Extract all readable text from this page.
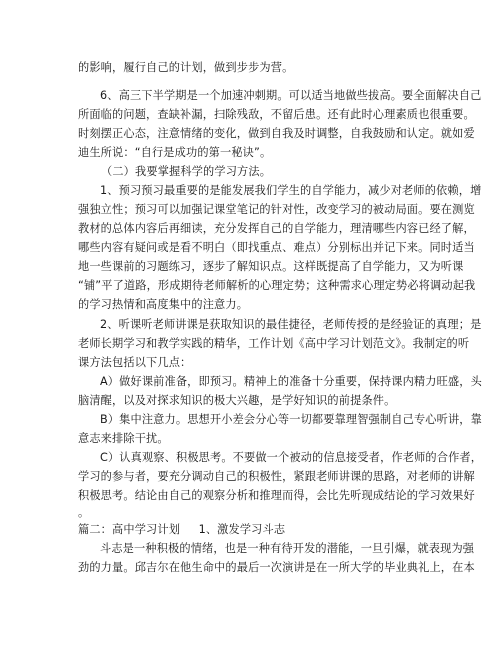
的影响，履行自己的计划，做到步步为营。
6、高三下半学期是一个加速冲刺期。可以适当地做些拔高。要全面解决自己
所面临的问题，查缺补漏，扫除残敌，不留后患。还有此时心理素质也很重要。
时刻摆正心态，注意情绪的变化，做到自我及时调整，自我鼓励和认定。就如爱
迪生所说：“自行是成功的第一秘诀”。
（二）我要掌握科学的学习方法。
1、预习预习最重要的是能发展我们学生的自学能力，减少对老师的依赖，增
强独立性；预习可以加强记课堂笔记的针对性，改变学习的被动局面。要在测览
教材的总体内容后再细读，充分发挥自己的自学能力，理清哪些内容已经了解，
哪些内容有疑问或是看不明白（即找重点、难点）分别标出并记下来。同时适当
地一些课前的习题练习，逐步了解知识点。这样既提高了自学能力，又为听课
“铺”平了道路，形成期待老师解析的心理定势；这种需求心理定势必将调动起我
的学习热情和高度集中的注意力。
2、听课听老师讲课是获取知识的最佳捷径，老师传授的是经验证的真理；是
老师长期学习和教学实践的精华，工作计划《高中学习计划范文》。我制定的听
课方法包括以下几点：
A）做好课前准备，即预习。精神上的准备十分重要，保持课内精力旺盛，头
脑清醒，以及对探求知识的极大兴趣，是学好知识的前提条件。
B）集中注意力。思想开小差会分心等一切都要靠理智强制自己专心听讲，靠
意志来排除干扰。
C）认真观察、积极思考。不要做一个被动的信息接受者，作老师的合作者，
学习的参与者，要充分调动自己的积极性，紧跟老师讲课的思路，对老师的讲解
积极思考。结论由自己的观察分析和推理而得，会比先听现成结论的学习效果好
。
篇二：高中学习计划     1、激发学习斗志
斗志是一种积极的情绪，也是一种有待开发的潜能，一旦引爆，就表现为强
劲的力量。邱吉尔在他生命中的最后一次演讲是在一所大学的毕业典礼上，在本
